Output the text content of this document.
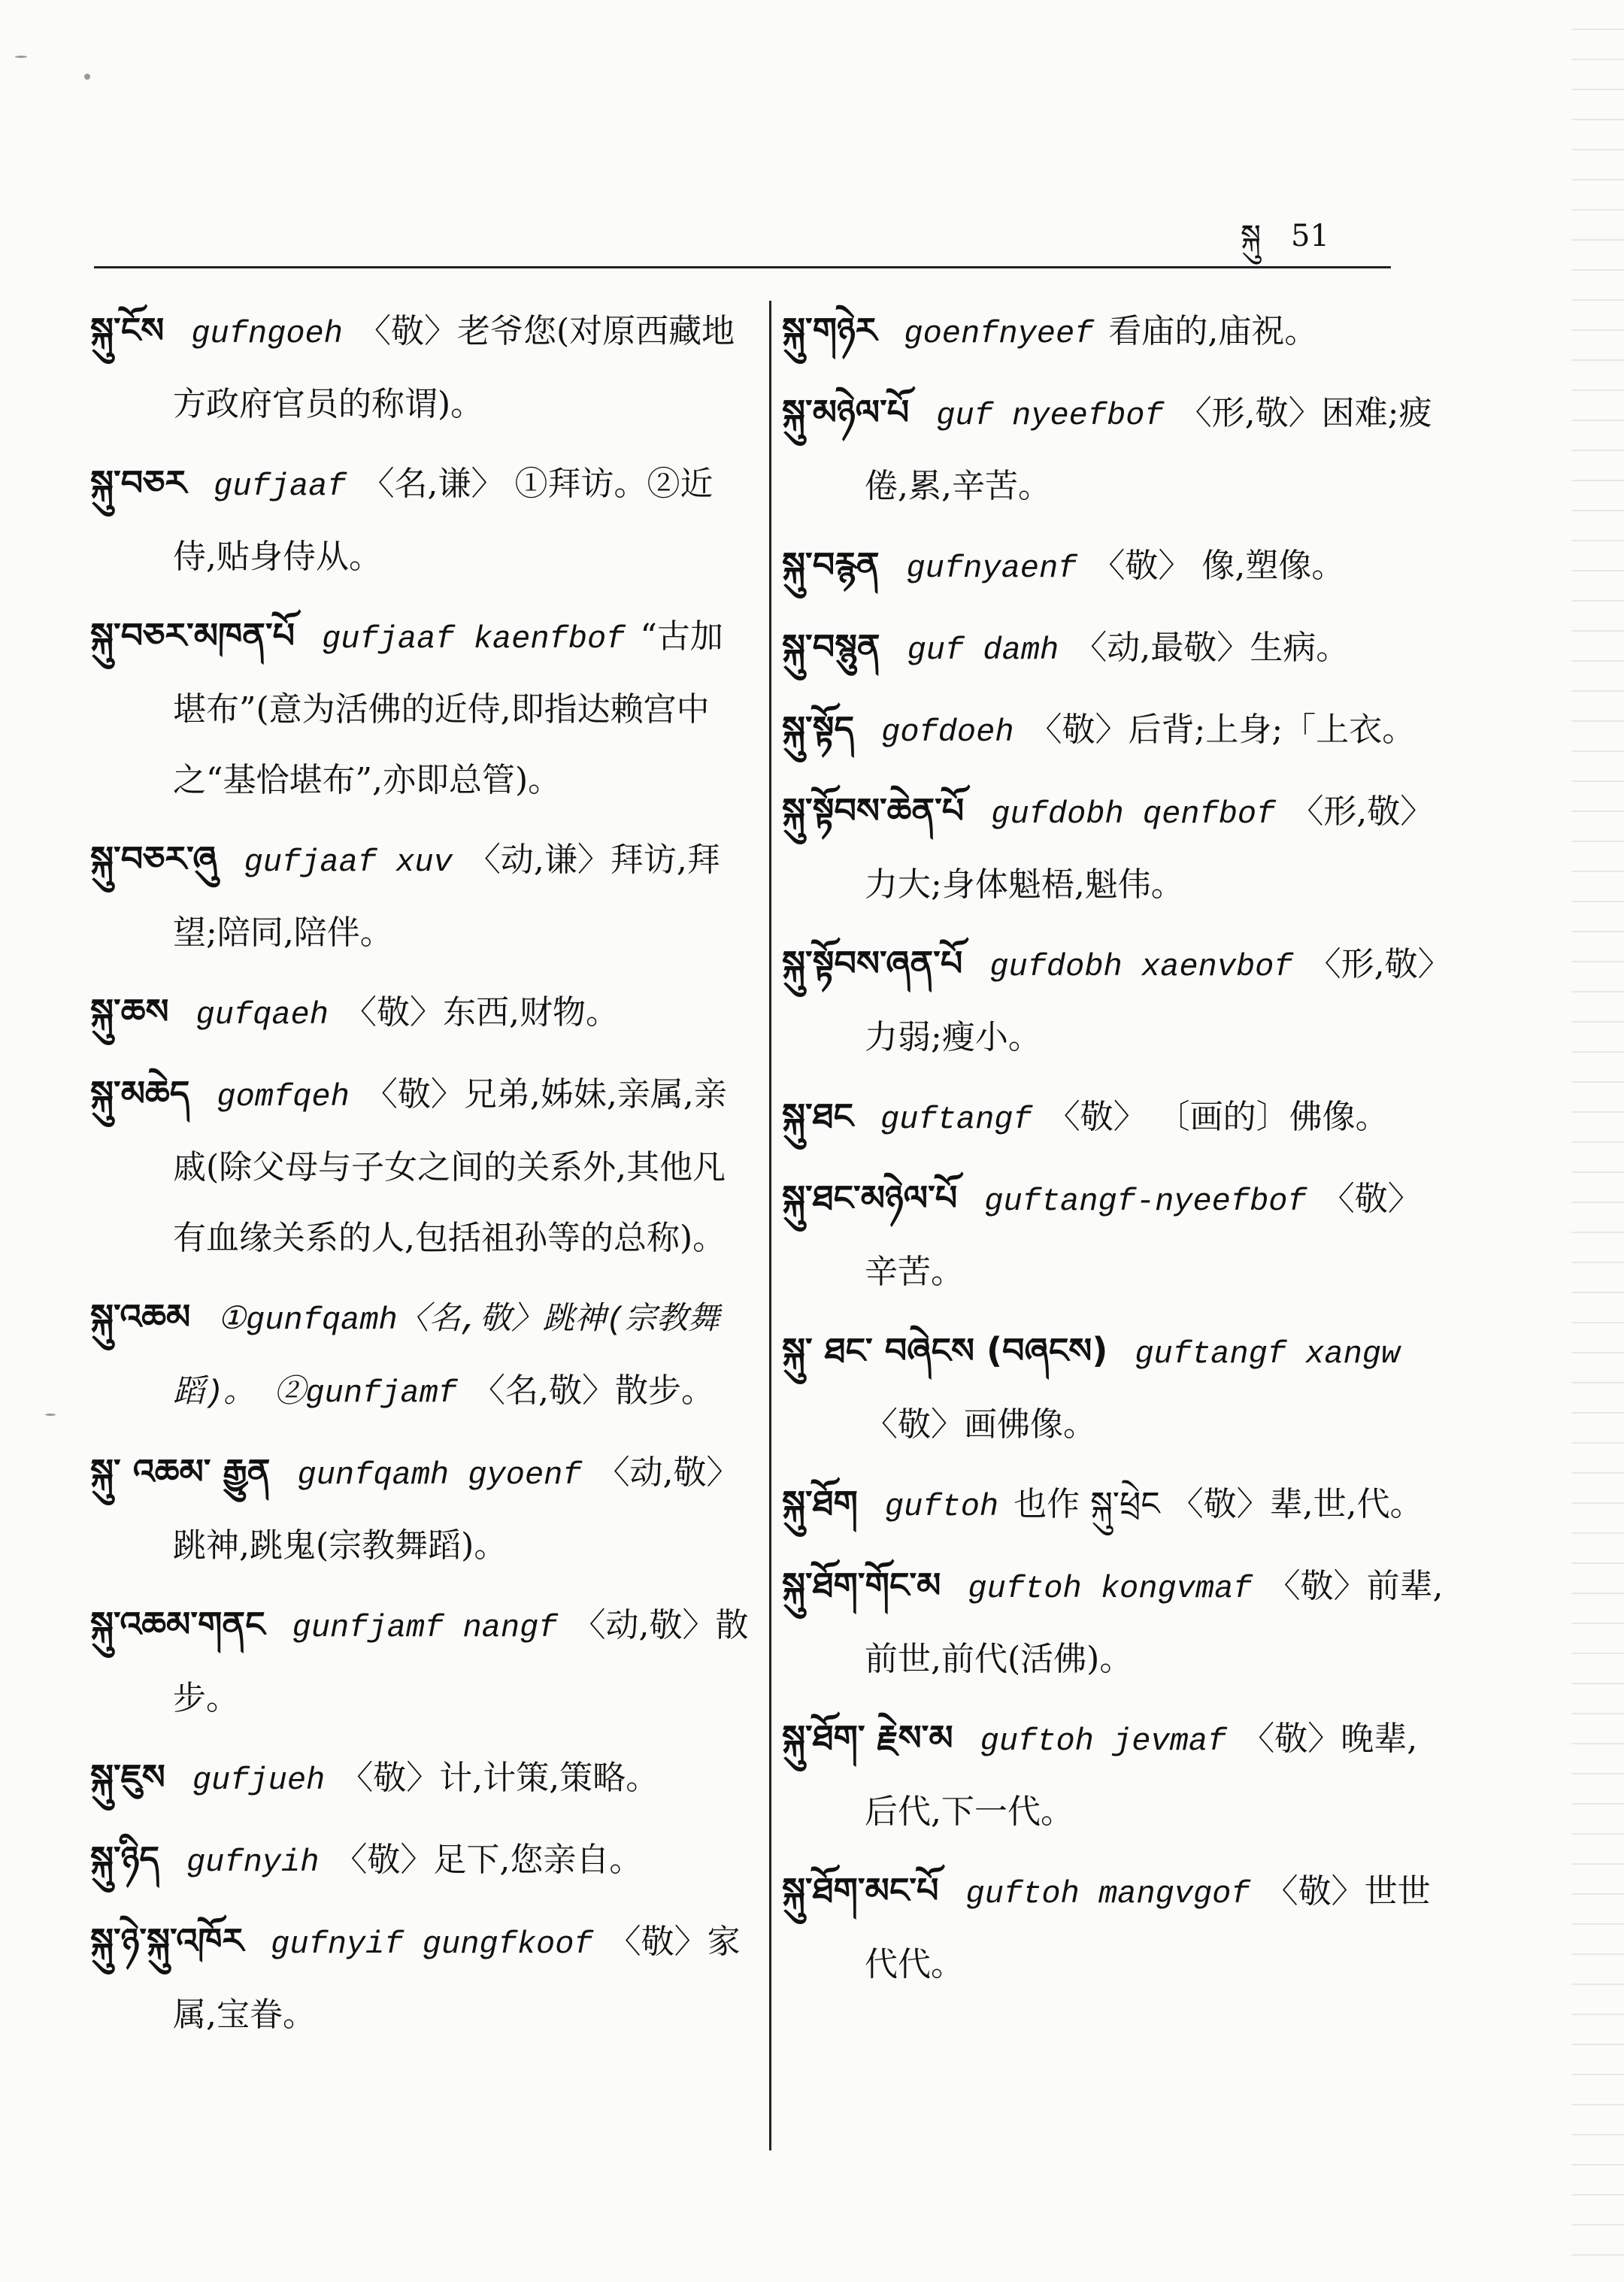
སྐུ 51
སྐུ་ངོས gufngoeh 〈敬〉老爷您(对原西藏地方政府官员的称谓)。
སྐུ་བཅར gufjaaf 〈名,谦〉 ①拜访。②近侍,贴身侍从。
སྐུ་བཅར་མཁན་པོ gufjaaf kaenfbof “古加堪布”(意为活佛的近侍,即指达赖宫中之“基恰堪布”,亦即总管)。
སྐུ་བཅར་ཞུ gufjaaf xuv 〈动,谦〉拜访,拜望;陪同,陪伴。
སྐུ་ཆས gufqaeh 〈敬〉东西,财物。
སྐུ་མཆེད gomfqeh 〈敬〉兄弟,姊妹,亲属,亲戚(除父母与子女之间的关系外,其他凡有血缘关系的人,包括祖孙等的总称)。
སྐུ་འཆམ ①gunfqamh〈名,敬〉跳神(宗教舞蹈)。 ②gunfjamf 〈名,敬〉散步。
སྐུ་ འཆམ་ རྒྱུན gunfqamh gyoenf 〈动,敬〉跳神,跳鬼(宗教舞蹈)。
སྐུ་འཆམ་གནང gunfjamf nangf 〈动,敬〉散步。
སྐུ་ཇུས gufjueh 〈敬〉计,计策,策略。
སྐུ་ཉིད gufnyih 〈敬〉足下,您亲自。
སྐུ་ཉེ་སྐུ་འཁོར gufnyif gungfkoof 〈敬〉家属,宝眷。
སྐུ་གཉེར goenfnyeef 看庙的,庙祝。
སྐུ་མཉེལ་པོ guf nyeefbof 〈形,敬〉困难;疲倦,累,辛苦。
སྐུ་བརྙན gufnyaenf 〈敬〉 像,塑像。
སྐུ་བསྙུན guf damh 〈动,最敬〉生病。
སྐུ་སྟོད gofdoeh 〈敬〉后背;上身;「上衣。
སྐུ་སྟོབས་ཆེན་པོ gufdobh qenfbof 〈形,敬〉力大;身体魁梧,魁伟。
སྐུ་སྟོབས་ཞན་པོ gufdobh xaenvbof 〈形,敬〉力弱;瘦小。
སྐུ་ཐང guftangf 〈敬〉 〔画的〕佛像。
སྐུ་ཐང་མཉེལ་པོ guftangf-nyeefbof 〈敬〉辛苦。
སྐུ་ ཐང་ བཞེངས (བཞངས) guftangf xangw〈敬〉画佛像。
སྐུ་ཐོག guftoh 也作 སྐུ་ཕྲེང 〈敬〉辈,世,代。
སྐུ་ཐོག་གོང་མ guftoh kongvmaf 〈敬〉前辈,前世,前代(活佛)。
སྐུ་ཐོག་ རྗེས་མ guftoh jevmaf 〈敬〉晚辈,后代,下一代。
སྐུ་ཐོག་མང་པོ guftoh mangvgof 〈敬〉世世代代。
